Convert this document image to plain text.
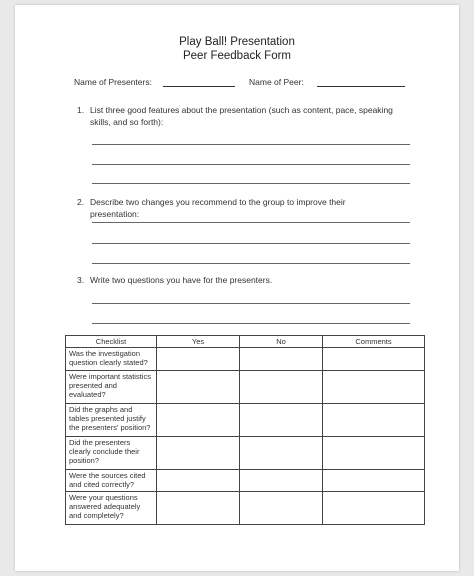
Play Ball! Presentation
Peer Feedback Form
Name of Presenters:	Name of Peer:
1. List three good features about the presentation (such as content, pace, speaking skills, and so forth):
2. Describe two changes you recommend to the group to improve their presentation:
3. Write two questions you have for the presenters.
Checklist	Yes	No	Comments
Was the investigation question clearly stated?			
Were important statistics presented and evaluated?			
Did the graphs and tables presented justify the presenters' position?			
Did the presenters clearly conclude their position?			
Were the sources cited and cited correctly?			
Were your questions answered adequately and completely?			
